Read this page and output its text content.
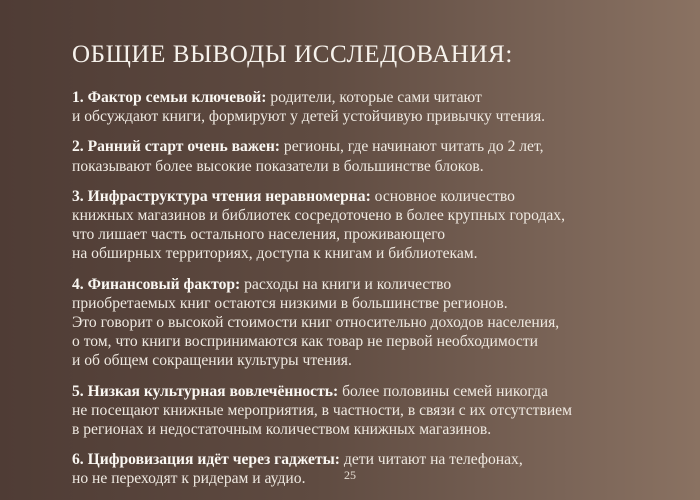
ОБЩИЕ ВЫВОДЫ ИССЛЕДОВАНИЯ:
1. Фактор семьи ключевой: родители, которые сами читают
и обсуждают книги, формируют у детей устойчивую привычку чтения.
2. Ранний старт очень важен: регионы, где начинают читать до 2 лет,
показывают более высокие показатели в большинстве блоков.
3. Инфраструктура чтения неравномерна: основное количество
книжных магазинов и библиотек сосредоточено в более крупных городах,
что лишает часть остального населения, проживающего
на обширных территориях, доступа к книгам и библиотекам.
4. Финансовый фактор: расходы на книги и количество
приобретаемых книг остаются низкими в большинстве регионов.
Это говорит о высокой стоимости книг относительно доходов населения,
о том, что книги воспринимаются как товар не первой необходимости
и об общем сокращении культуры чтения.
5. Низкая культурная вовлечённость: более половины семей никогда
не посещают книжные мероприятия, в частности, в связи с их отсутствием
в регионах и недостаточным количеством книжных магазинов.
6. Цифровизация идёт через гаджеты: дети читают на телефонах,
но не переходят к ридерам и аудио.	25
